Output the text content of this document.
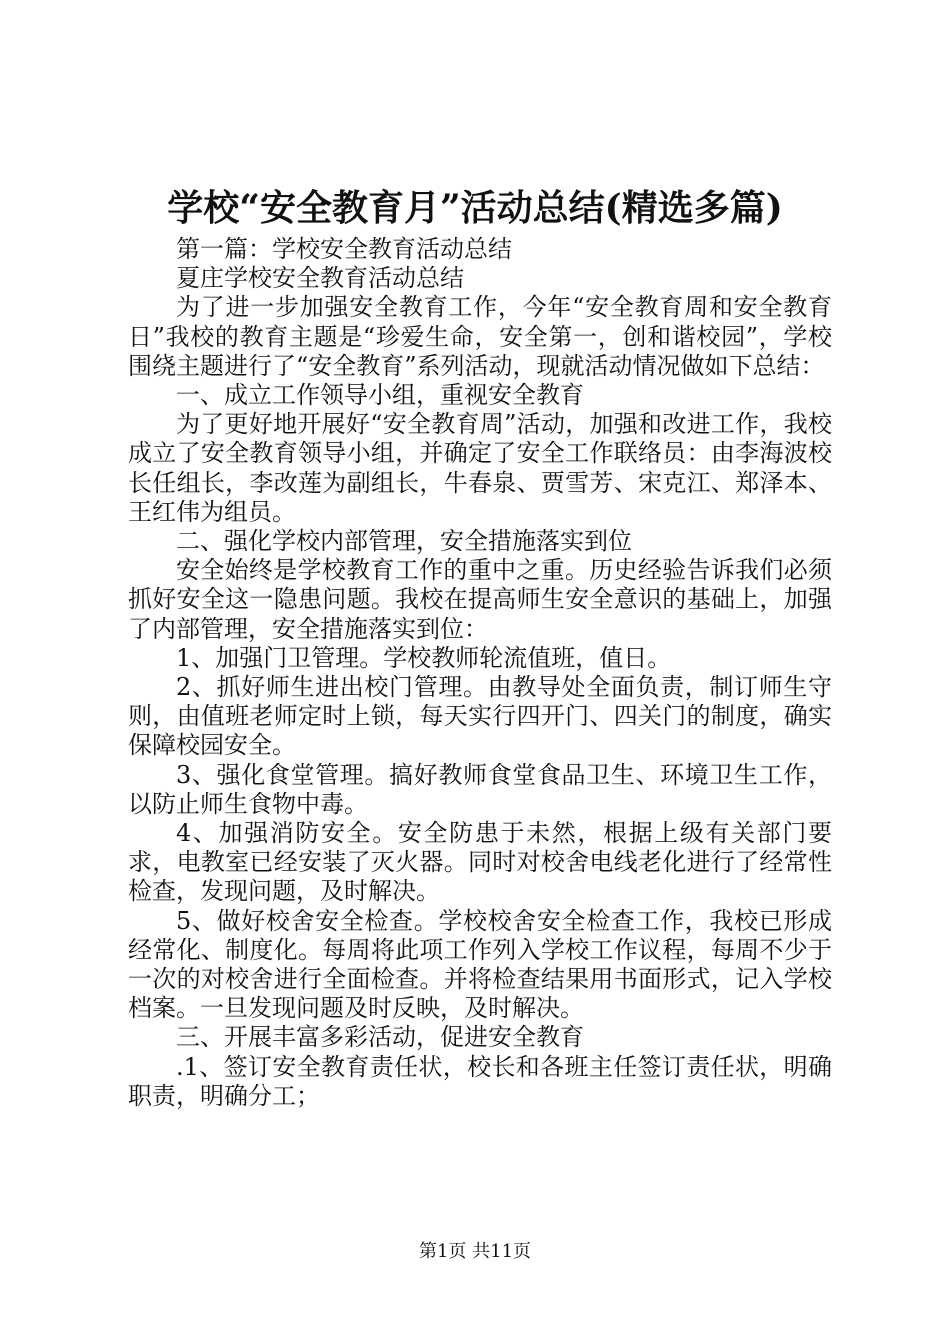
学校“安全教育月”活动总结(精选多篇)

第一篇：学校安全教育活动总结

夏庄学校安全教育活动总结

为了进一步加强安全教育工作，今年“安全教育周和安全教育日”我校的教育主题是“珍爱生命，安全第一，创和谐校园”，学校围绕主题进行了“安全教育”系列活动，现就活动情况做如下总结：

一、成立工作领导小组，重视安全教育

为了更好地开展好“安全教育周”活动，加强和改进工作，我校成立了安全教育领导小组，并确定了安全工作联络员：由李海波校长任组长，李改莲为副组长，牛春泉、贾雪芳、宋克江、郑泽本、王红伟为组员。

二、强化学校内部管理，安全措施落实到位

安全始终是学校教育工作的重中之重。历史经验告诉我们必须抓好安全这一隐患问题。我校在提高师生安全意识的基础上，加强了内部管理，安全措施落实到位：

1、加强门卫管理。学校教师轮流值班，值日。

2、抓好师生进出校门管理。由教导处全面负责，制订师生守则，由值班老师定时上锁，每天实行四开门、四关门的制度，确实保障校园安全。

3、强化食堂管理。搞好教师食堂食品卫生、环境卫生工作，以防止师生食物中毒。

4、加强消防安全。安全防患于未然，根据上级有关部门要求，电教室已经安装了灭火器。同时对校舍电线老化进行了经常性检查，发现问题，及时解决。

5、做好校舍安全检查。学校校舍安全检查工作，我校已形成经常化、制度化。每周将此项工作列入学校工作议程，每周不少于一次的对校舍进行全面检查。并将检查结果用书面形式，记入学校档案。一旦发现问题及时反映，及时解决。

三、开展丰富多彩活动，促进安全教育

.1、签订安全教育责任状，校长和各班主任签订责任状，明确职责，明确分工；

第1页 共11页
